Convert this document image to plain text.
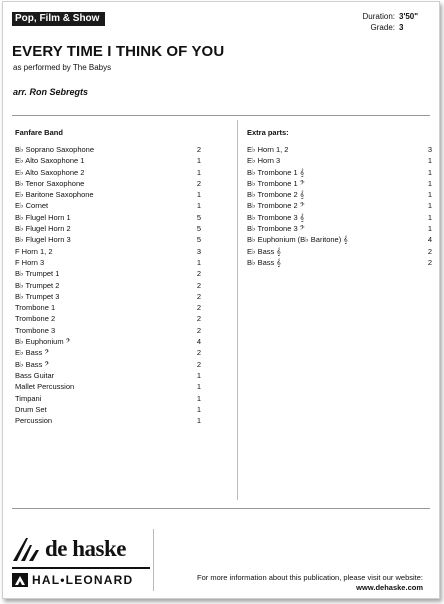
Pop, Film & Show	Duration: 3'50"
Grade: 3
EVERY TIME I THINK OF YOU
as performed by The Babys
arr. Ron Sebregts
Fanfare Band
B♭ Soprano Saxophone	2
E♭ Alto Saxophone 1	1
E♭ Alto Saxophone 2	1
B♭ Tenor Saxophone	2
E♭ Baritone Saxophone	1
E♭ Cornet	1
B♭ Flugel Horn 1	5
B♭ Flugel Horn 2	5
B♭ Flugel Horn 3	5
F Horn 1, 2	3
F Horn 3	1
B♭ Trumpet 1	2
B♭ Trumpet 2	2
B♭ Trumpet 3	2
Trombone 1	2
Trombone 2	2
Trombone 3	2
B♭ Euphonium 𝄢	4
E♭ Bass 𝄢	2
B♭ Bass 𝄢	2
Bass Guitar	1
Mallet Percussion	1
Timpani	1
Drum Set	1
Percussion	1
Extra parts:
E♭ Horn 1, 2	3
E♭ Horn 3	1
B♭ Trombone 1 𝄞	1
B♭ Trombone 1 𝄢	1
B♭ Trombone 2 𝄞	1
B♭ Trombone 2 𝄢	1
B♭ Trombone 3 𝄞	1
B♭ Trombone 3 𝄢	1
B♭ Euphonium (B♭ Baritone) 𝄞	4
E♭ Bass 𝄞	2
B♭ Bass 𝄞	2
de haske
HAL•LEONARD	For more information about this publication, please visit our website:
www.dehaske.com
